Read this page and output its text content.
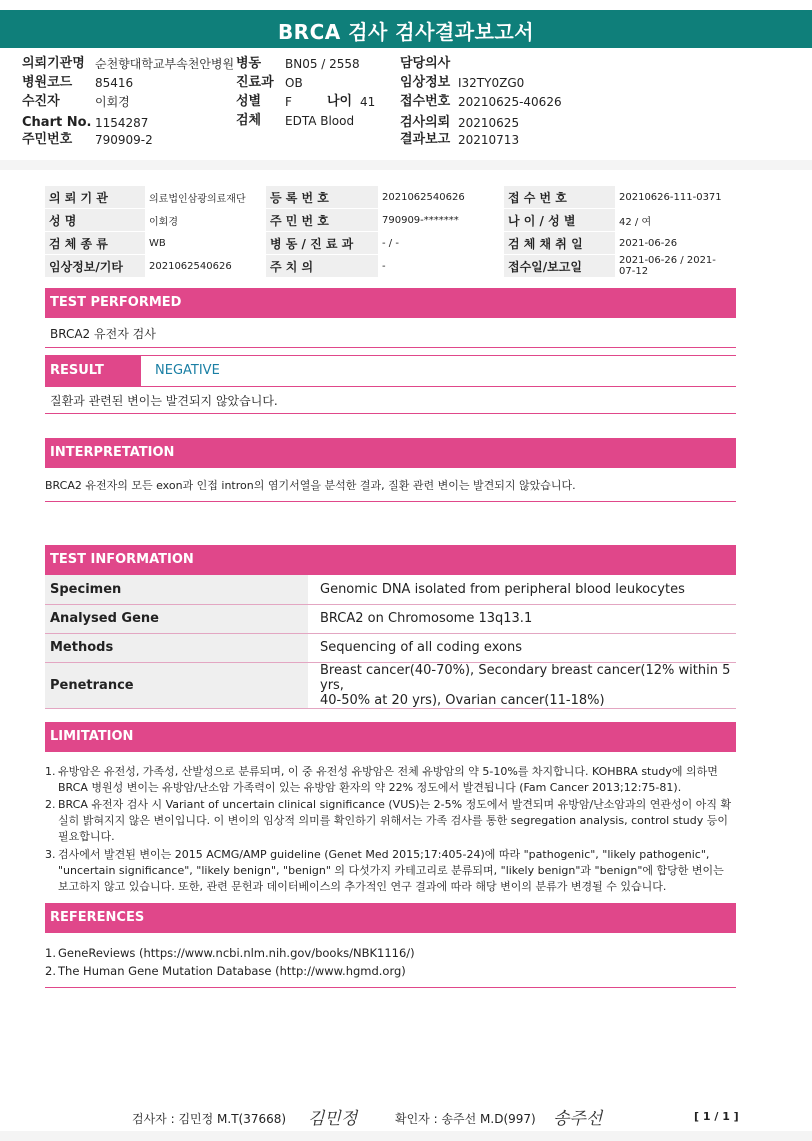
BRCA 검사 검사결과보고서
의뢰기관명 순천향대학교부속천안병원 병동 BN05 / 2558	담당의사
병원코드 85416	진료과 OB	임상정보 I32TY0ZG0
수진자	이회경	성별 F	나이 41 접수번호 20210625-40626
Chart No. 1154287	검체 EDTA Blood	검사의뢰 20210625
주민번호 790909-2	결과보고 20210713
의 뢰 기 관	의료법인삼광의료재단	등 록 번 호	2021062540626	접 수 번 호	20210626-111-0371
성 명	이회경	주 민 번 호	790909-*******	나 이 / 성 별	42 / 여
검 체 종 류	WB	병 동 / 진 료 과	- / -	검 체 채 취 일	2021-06-26
임상정보/기타	2021062540626	주 치 의	-	접수일/보고일	2021-06-26 / 2021-07-12
TEST PERFORMED
BRCA2 유전자 검사
RESULT	NEGATIVE
질환과 관련된 변이는 발견되지 않았습니다.
INTERPRETATION
BRCA2 유전자의 모든 exon과 인접 intron의 염기서열을 분석한 결과, 질환 관련 변이는 발견되지 않았습니다.
TEST INFORMATION
Specimen	Genomic DNA isolated from peripheral blood leukocytes
Analysed Gene	BRCA2 on Chromosome 13q13.1
Methods	Sequencing of all coding exons
Penetrance	Breast cancer(40-70%), Secondary breast cancer(12% within 5 yrs,
40-50% at 20 yrs), Ovarian cancer(11-18%)
LIMITATION
1. 유방암은 유전성, 가족성, 산발성으로 분류되며, 이 중 유전성 유방암은 전체 유방암의 약 5-10%를 차지합니다. KOHBRA study에 의하면 BRCA 병원성 변이는 유방암/난소암 가족력이 있는 유방암 환자의 약 22% 정도에서 발견됩니다 (Fam Cancer 2013;12:75-81).
2. BRCA 유전자 검사 시 Variant of uncertain clinical significance (VUS)는 2-5% 정도에서 발견되며 유방암/난소암과의 연관성이 아직 확실히 밝혀지지 않은 변이입니다. 이 변이의 임상적 의미를 확인하기 위해서는 가족 검사를 통한 segregation analysis, control study 등이 필요합니다.
3. 검사에서 발견된 변이는 2015 ACMG/AMP guideline (Genet Med 2015;17:405-24)에 따라 "pathogenic", "likely pathogenic", "uncertain significance", "likely benign", "benign" 의 다섯가지 카테고리로 분류되며, "likely benign"과 "benign"에 합당한 변이는 보고하지 않고 있습니다. 또한, 관련 문헌과 데이터베이스의 추가적인 연구 결과에 따라 해당 변이의 분류가 변경될 수 있습니다.
REFERENCES
1. GeneReviews (https://www.ncbi.nlm.nih.gov/books/NBK1116/)
2. The Human Gene Mutation Database (http://www.hgmd.org)
검사자 : 김민정 M.T(37668) 김민정	확인자 : 송주선 M.D(997) 송주선	[ 1 / 1 ]
